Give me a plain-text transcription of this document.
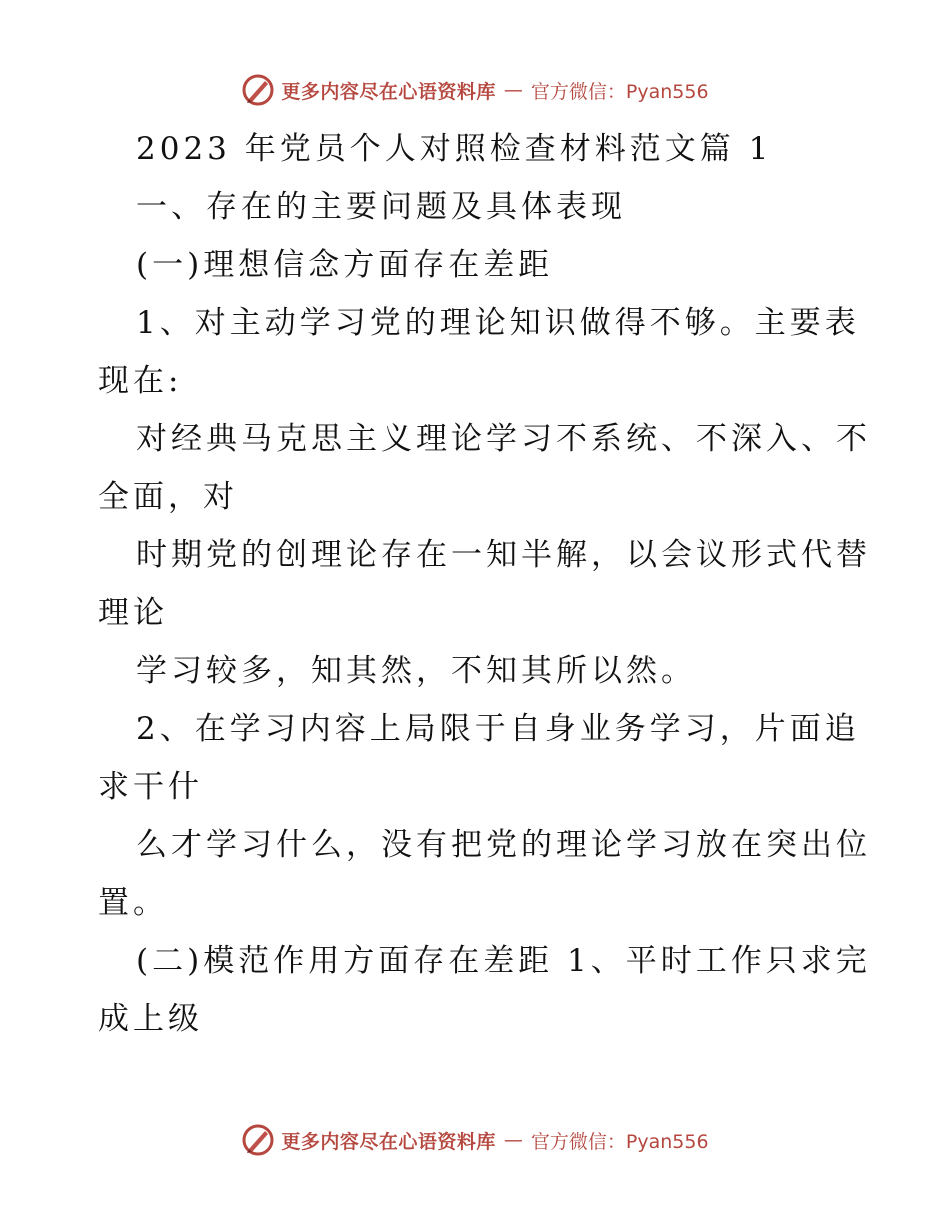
更多内容尽在心语资料库 — 官方微信：Pyan556
2023 年党员个人对照检查材料范文篇 1
一、存在的主要问题及具体表现
(一)理想信念方面存在差距
1、对主动学习党的理论知识做得不够。主要表
现在:
对经典马克思主义理论学习不系统、不深入、不
全面，对
时期党的创理论存在一知半解，以会议形式代替
理论
学习较多，知其然，不知其所以然。
2、在学习内容上局限于自身业务学习，片面追
求干什
么才学习什么，没有把党的理论学习放在突出位
置。
(二)模范作用方面存在差距 1、平时工作只求完
成上级
更多内容尽在心语资料库 — 官方微信：Pyan556
